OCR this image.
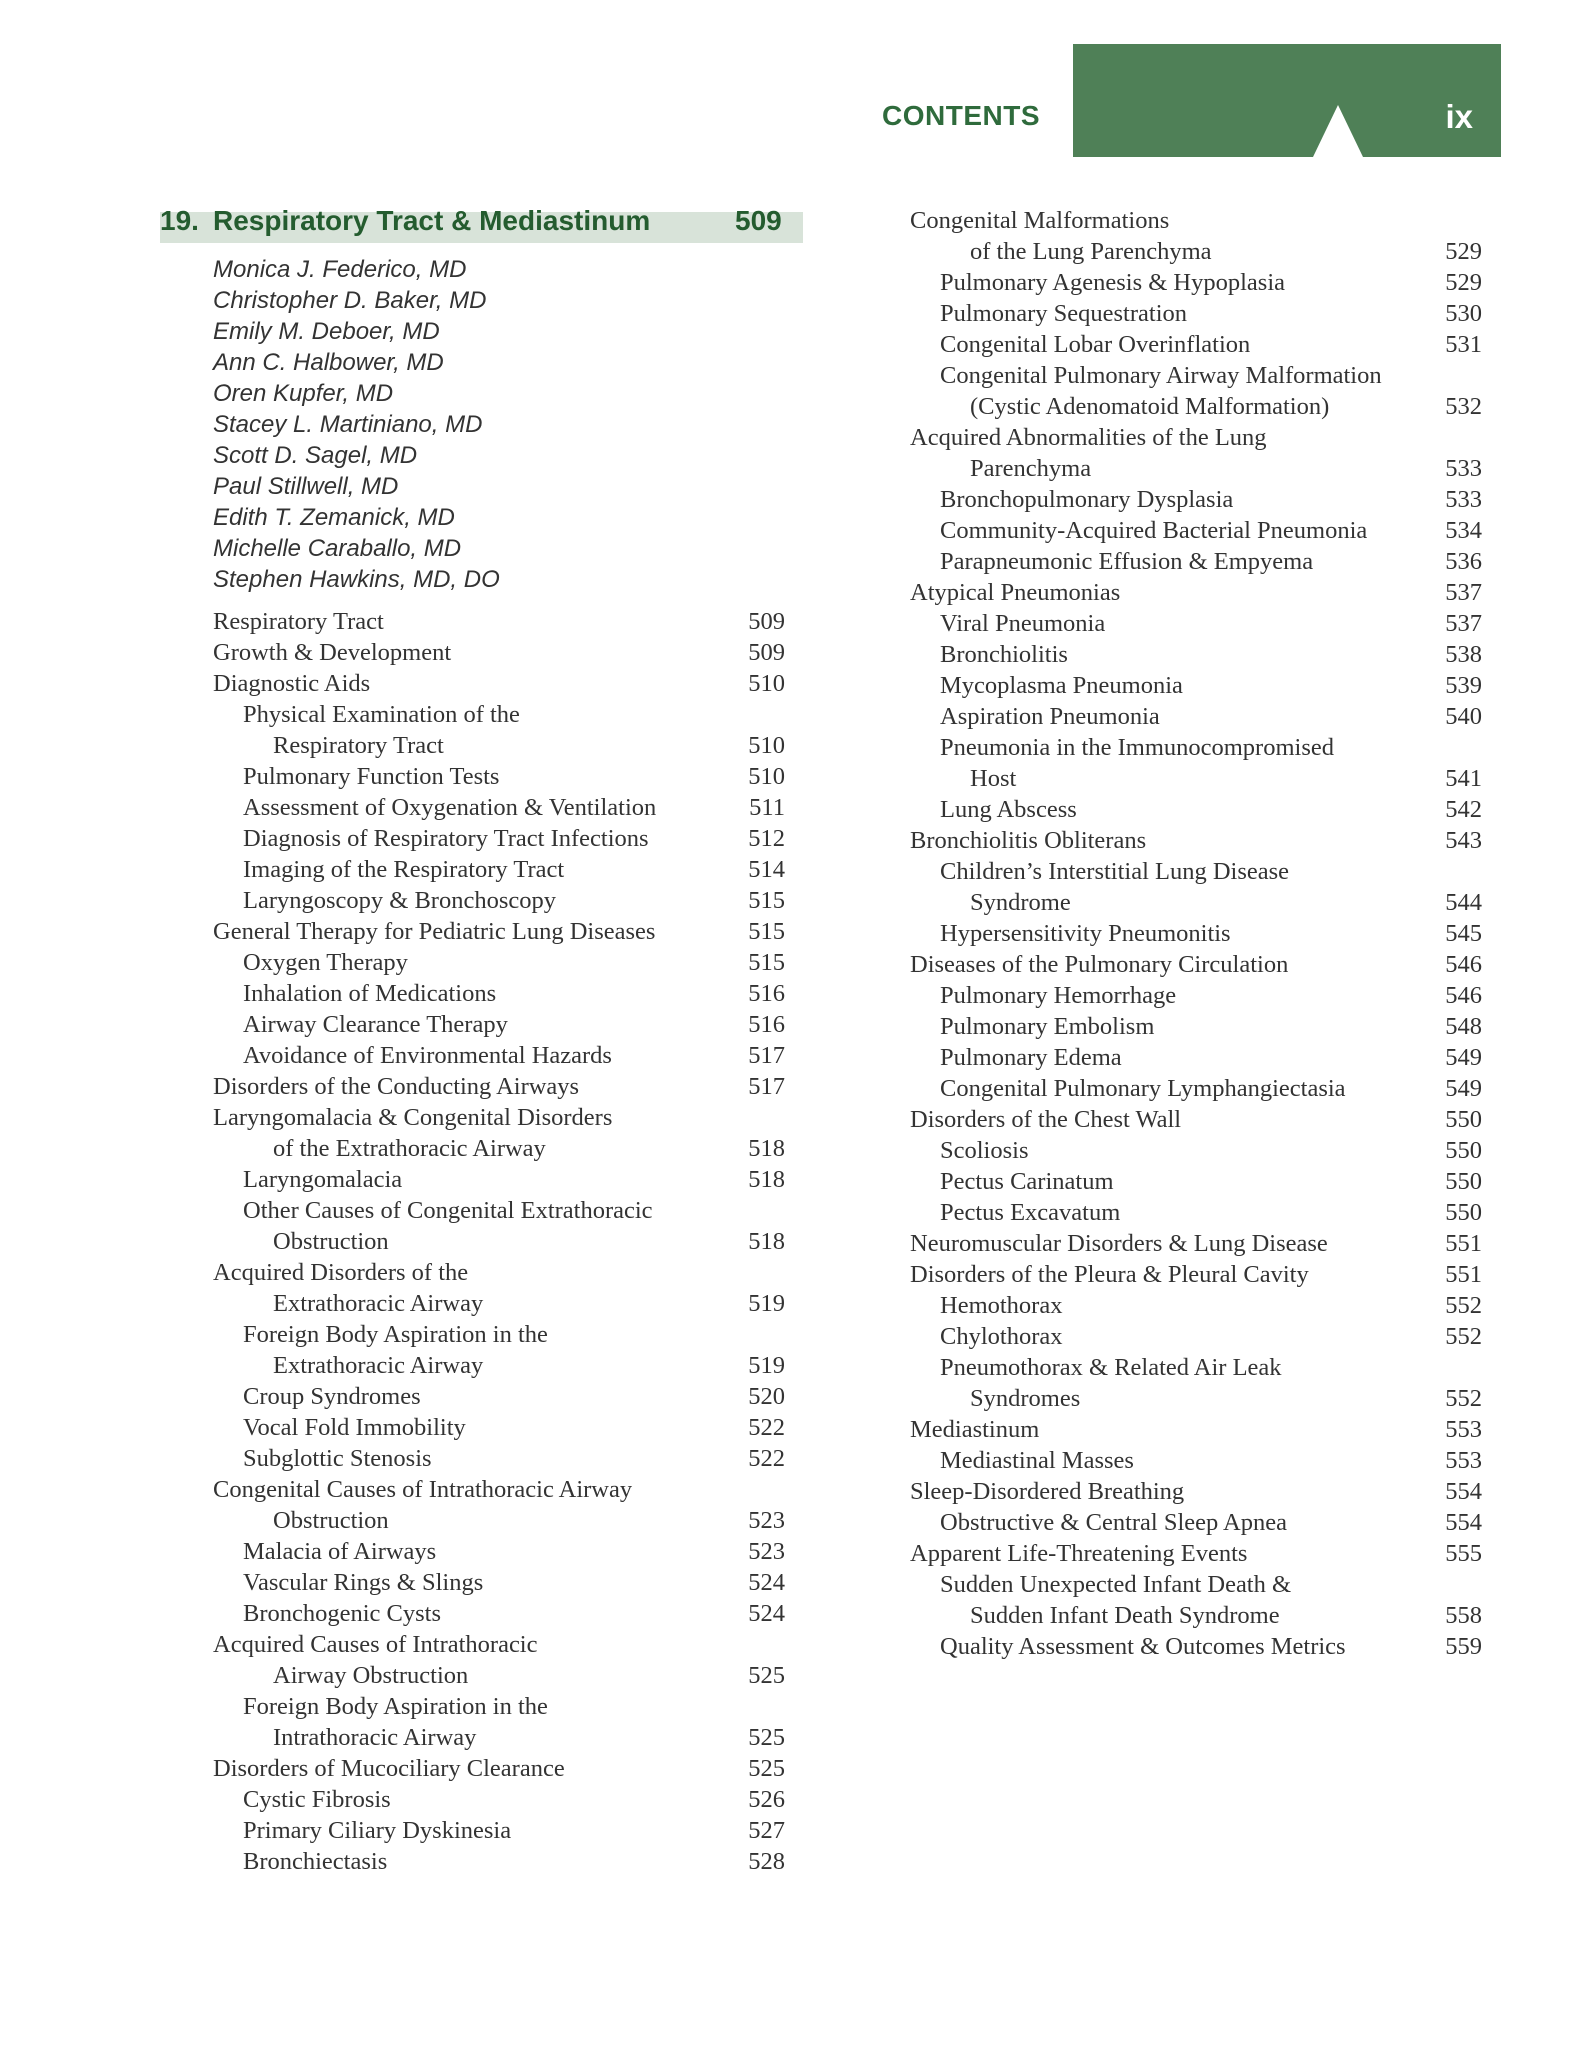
CONTENTS	ix
19. Respiratory Tract & Mediastinum	509
Monica J. Federico, MD
Christopher D. Baker, MD
Emily M. Deboer, MD
Ann C. Halbower, MD
Oren Kupfer, MD
Stacey L. Martiniano, MD
Scott D. Sagel, MD
Paul Stillwell, MD
Edith T. Zemanick, MD
Michelle Caraballo, MD
Stephen Hawkins, MD, DO
Respiratory Tract	509
Growth & Development	509
Diagnostic Aids	510
Physical Examination of the
Respiratory Tract	510
Pulmonary Function Tests	510
Assessment of Oxygenation & Ventilation	511
Diagnosis of Respiratory Tract Infections	512
Imaging of the Respiratory Tract	514
Laryngoscopy & Bronchoscopy	515
General Therapy for Pediatric Lung Diseases	515
Oxygen Therapy	515
Inhalation of Medications	516
Airway Clearance Therapy	516
Avoidance of Environmental Hazards	517
Disorders of the Conducting Airways	517
Laryngomalacia & Congenital Disorders
of the Extrathoracic Airway	518
Laryngomalacia	518
Other Causes of Congenital Extrathoracic
Obstruction	518
Acquired Disorders of the
Extrathoracic Airway	519
Foreign Body Aspiration in the
Extrathoracic Airway	519
Croup Syndromes	520
Vocal Fold Immobility	522
Subglottic Stenosis	522
Congenital Causes of Intrathoracic Airway
Obstruction	523
Malacia of Airways	523
Vascular Rings & Slings	524
Bronchogenic Cysts	524
Acquired Causes of Intrathoracic
Airway Obstruction	525
Foreign Body Aspiration in the
Intrathoracic Airway	525
Disorders of Mucociliary Clearance	525
Cystic Fibrosis	526
Primary Ciliary Dyskinesia	527
Bronchiectasis	528
Congenital Malformations
of the Lung Parenchyma	529
Pulmonary Agenesis & Hypoplasia	529
Pulmonary Sequestration	530
Congenital Lobar Overinflation	531
Congenital Pulmonary Airway Malformation
(Cystic Adenomatoid Malformation)	532
Acquired Abnormalities of the Lung
Parenchyma	533
Bronchopulmonary Dysplasia	533
Community-Acquired Bacterial Pneumonia	534
Parapneumonic Effusion & Empyema	536
Atypical Pneumonias	537
Viral Pneumonia	537
Bronchiolitis	538
Mycoplasma Pneumonia	539
Aspiration Pneumonia	540
Pneumonia in the Immunocompromised
Host	541
Lung Abscess	542
Bronchiolitis Obliterans	543
Children’s Interstitial Lung Disease
Syndrome	544
Hypersensitivity Pneumonitis	545
Diseases of the Pulmonary Circulation	546
Pulmonary Hemorrhage	546
Pulmonary Embolism	548
Pulmonary Edema	549
Congenital Pulmonary Lymphangiectasia	549
Disorders of the Chest Wall	550
Scoliosis	550
Pectus Carinatum	550
Pectus Excavatum	550
Neuromuscular Disorders & Lung Disease	551
Disorders of the Pleura & Pleural Cavity	551
Hemothorax	552
Chylothorax	552
Pneumothorax & Related Air Leak
Syndromes	552
Mediastinum	553
Mediastinal Masses	553
Sleep-Disordered Breathing	554
Obstructive & Central Sleep Apnea	554
Apparent Life-Threatening Events	555
Sudden Unexpected Infant Death &
Sudden Infant Death Syndrome	558
Quality Assessment & Outcomes Metrics	559
